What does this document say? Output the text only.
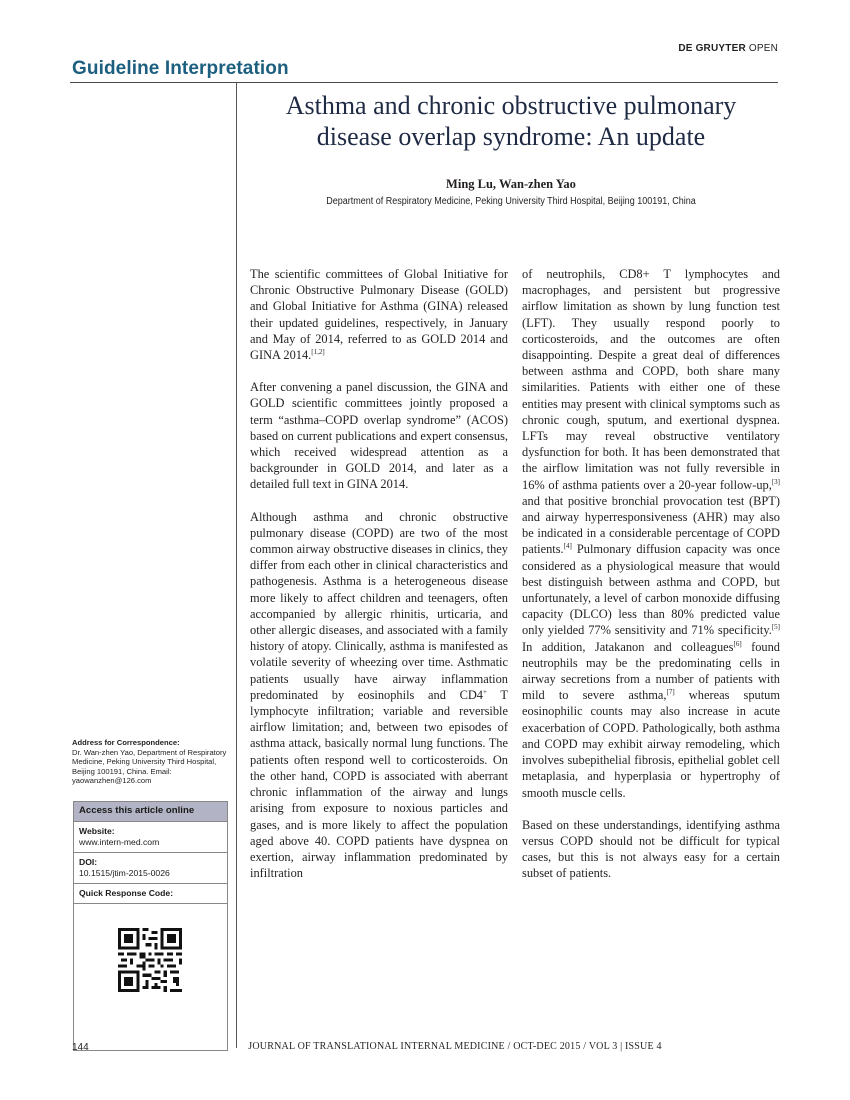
DE GRUYTER OPEN
Guideline Interpretation
Asthma and chronic obstructive pulmonary
disease overlap syndrome: An update
Ming Lu, Wan-zhen Yao
Department of Respiratory Medicine, Peking University Third Hospital, Beijing 100191, China

The scientific committees of Global Initiative for Chronic Obstructive Pulmonary Disease (GOLD) and Global Initiative for Asthma (GINA) released their updated guidelines, respectively, in January and May of 2014, referred to as GOLD 2014 and GINA 2014.[1,2]

After convening a panel discussion, the GINA and GOLD scientific committees jointly proposed a term “asthma–COPD overlap syndrome” (ACOS) based on current publications and expert consensus, which received widespread attention as a backgrounder in GOLD 2014, and later as a detailed full text in GINA 2014.

Although asthma and chronic obstructive pulmonary disease (COPD) are two of the most common airway obstructive diseases in clinics, they differ from each other in clinical characteristics and pathogenesis. Asthma is a heterogeneous disease more likely to affect children and teenagers, often accompanied by allergic rhinitis, urticaria, and other allergic diseases, and associated with a family history of atopy. Clinically, asthma is manifested as volatile severity of wheezing over time. Asthmatic patients usually have airway inflammation predominated by eosinophils and CD4+ T lymphocyte infiltration; variable and reversible airflow limitation; and, between two episodes of asthma attack, basically normal lung functions. The patients often respond well to corticosteroids. On the other hand, COPD is associated with aberrant chronic inflammation of the airway and lungs arising from exposure to noxious particles and gases, and is more likely to affect the population aged above 40. COPD patients have dyspnea on exertion, airway inflammation predominated by infiltration

of neutrophils, CD8+ T lymphocytes and macrophages, and persistent but progressive airflow limitation as shown by lung function test (LFT). They usually respond poorly to corticosteroids, and the outcomes are often disappointing. Despite a great deal of differences between asthma and COPD, both share many similarities. Patients with either one of these entities may present with clinical symptoms such as chronic cough, sputum, and exertional dyspnea. LFTs may reveal obstructive ventilatory dysfunction for both. It has been demonstrated that the airflow limitation was not fully reversible in 16% of asthma patients over a 20-year follow-up,[3] and that positive bronchial provocation test (BPT) and airway hyperresponsiveness (AHR) may also be indicated in a considerable percentage of COPD patients.[4] Pulmonary diffusion capacity was once considered as a physiological measure that would best distinguish between asthma and COPD, but unfortunately, a level of carbon monoxide diffusing capacity (DLCO) less than 80% predicted value only yielded 77% sensitivity and 71% specificity.[5] In addition, Jatakanon and colleagues[6] found neutrophils may be the predominating cells in airway secretions from a number of patients with mild to severe asthma,[7] whereas sputum eosinophilic counts may also increase in acute exacerbation of COPD. Pathologically, both asthma and COPD may exhibit airway remodeling, which involves subepithelial fibrosis, epithelial goblet cell metaplasia, and hyperplasia or hypertrophy of smooth muscle cells.

Based on these understandings, identifying asthma versus COPD should not be difficult for typical cases, but this is not always easy for a certain subset of patients.

Address for Correspondence:
Dr. Wan-zhen Yao, Department of Respiratory Medicine, Peking University Third Hospital, Beijing 100191, China. Email: yaowanzhen@126.com
Access this article online
Website:
www.intern-med.com
DOI:
10.1515/jtim-2015-0026
Quick Response Code:
144	JOURNAL OF TRANSLATIONAL INTERNAL MEDICINE / OCT-DEC 2015 / VOL 3 | ISSUE 4
